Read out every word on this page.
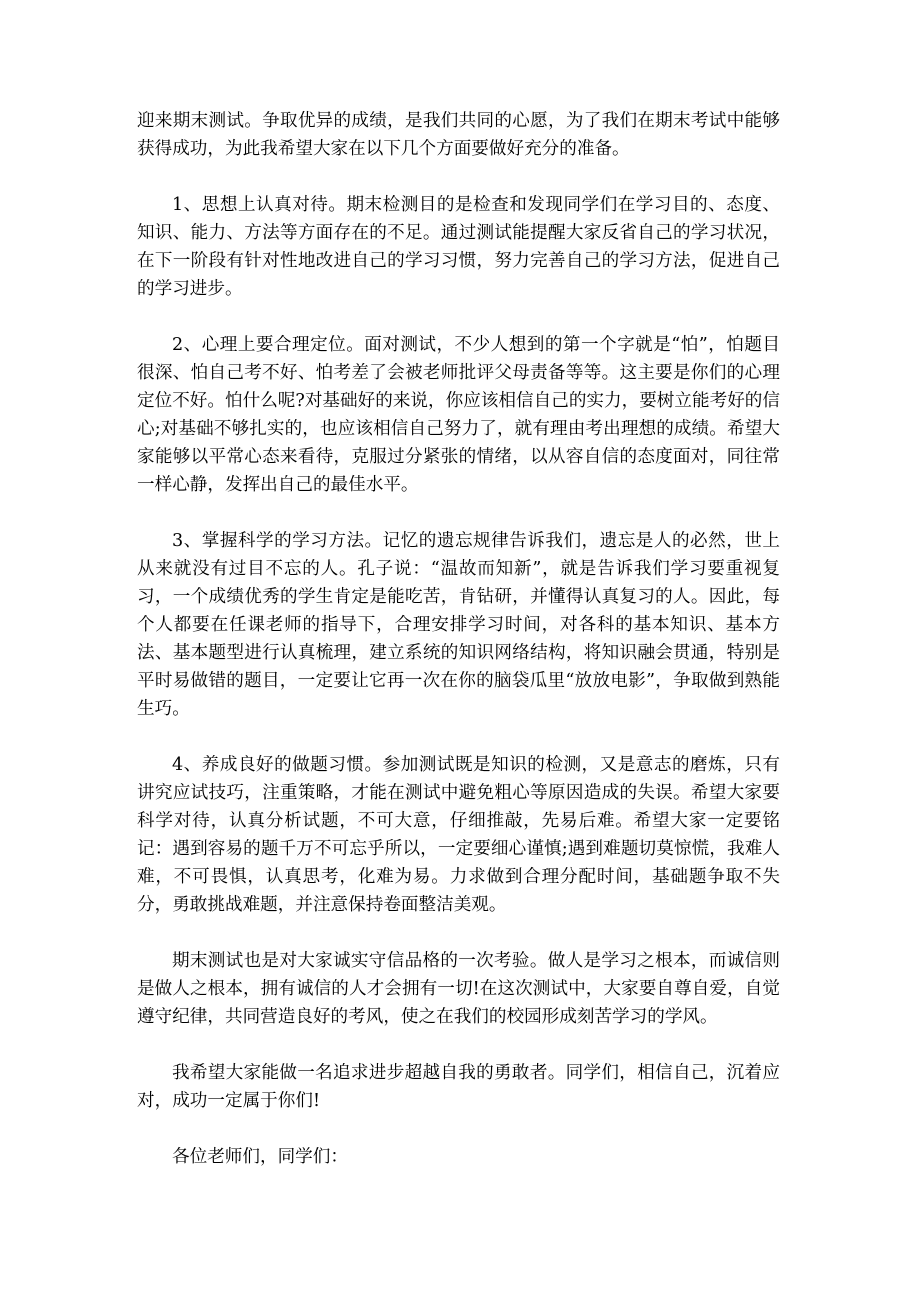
迎来期末测试。争取优异的成绩，是我们共同的心愿，为了我们在期末考试中能够获得成功，为此我希望大家在以下几个方面要做好充分的准备。

1、思想上认真对待。期末检测目的是检查和发现同学们在学习目的、态度、知识、能力、方法等方面存在的不足。通过测试能提醒大家反省自己的学习状况，在下一阶段有针对性地改进自己的学习习惯，努力完善自己的学习方法，促进自己的学习进步。

2、心理上要合理定位。面对测试，不少人想到的第一个字就是“怕”，怕题目很深、怕自己考不好、怕考差了会被老师批评父母责备等等。这主要是你们的心理定位不好。怕什么呢?对基础好的来说，你应该相信自己的实力，要树立能考好的信心;对基础不够扎实的，也应该相信自己努力了，就有理由考出理想的成绩。希望大家能够以平常心态来看待，克服过分紧张的情绪，以从容自信的态度面对，同往常一样心静，发挥出自己的最佳水平。

3、掌握科学的学习方法。记忆的遗忘规律告诉我们，遗忘是人的必然，世上从来就没有过目不忘的人。孔子说：“温故而知新”，就是告诉我们学习要重视复习，一个成绩优秀的学生肯定是能吃苦，肯钻研，并懂得认真复习的人。因此，每个人都要在任课老师的指导下，合理安排学习时间，对各科的基本知识、基本方法、基本题型进行认真梳理，建立系统的知识网络结构，将知识融会贯通，特别是平时易做错的题目，一定要让它再一次在你的脑袋瓜里“放放电影”，争取做到熟能生巧。

4、养成良好的做题习惯。参加测试既是知识的检测，又是意志的磨炼，只有讲究应试技巧，注重策略，才能在测试中避免粗心等原因造成的失误。希望大家要科学对待，认真分析试题，不可大意，仔细推敲，先易后难。希望大家一定要铭记：遇到容易的题千万不可忘乎所以，一定要细心谨慎;遇到难题切莫惊慌，我难人难，不可畏惧，认真思考，化难为易。力求做到合理分配时间，基础题争取不失分，勇敢挑战难题，并注意保持卷面整洁美观。

期末测试也是对大家诚实守信品格的一次考验。做人是学习之根本，而诚信则是做人之根本，拥有诚信的人才会拥有一切!在这次测试中，大家要自尊自爱，自觉遵守纪律，共同营造良好的考风，使之在我们的校园形成刻苦学习的学风。

我希望大家能做一名追求进步超越自我的勇敢者。同学们，相信自己，沉着应对，成功一定属于你们!

各位老师们，同学们：
